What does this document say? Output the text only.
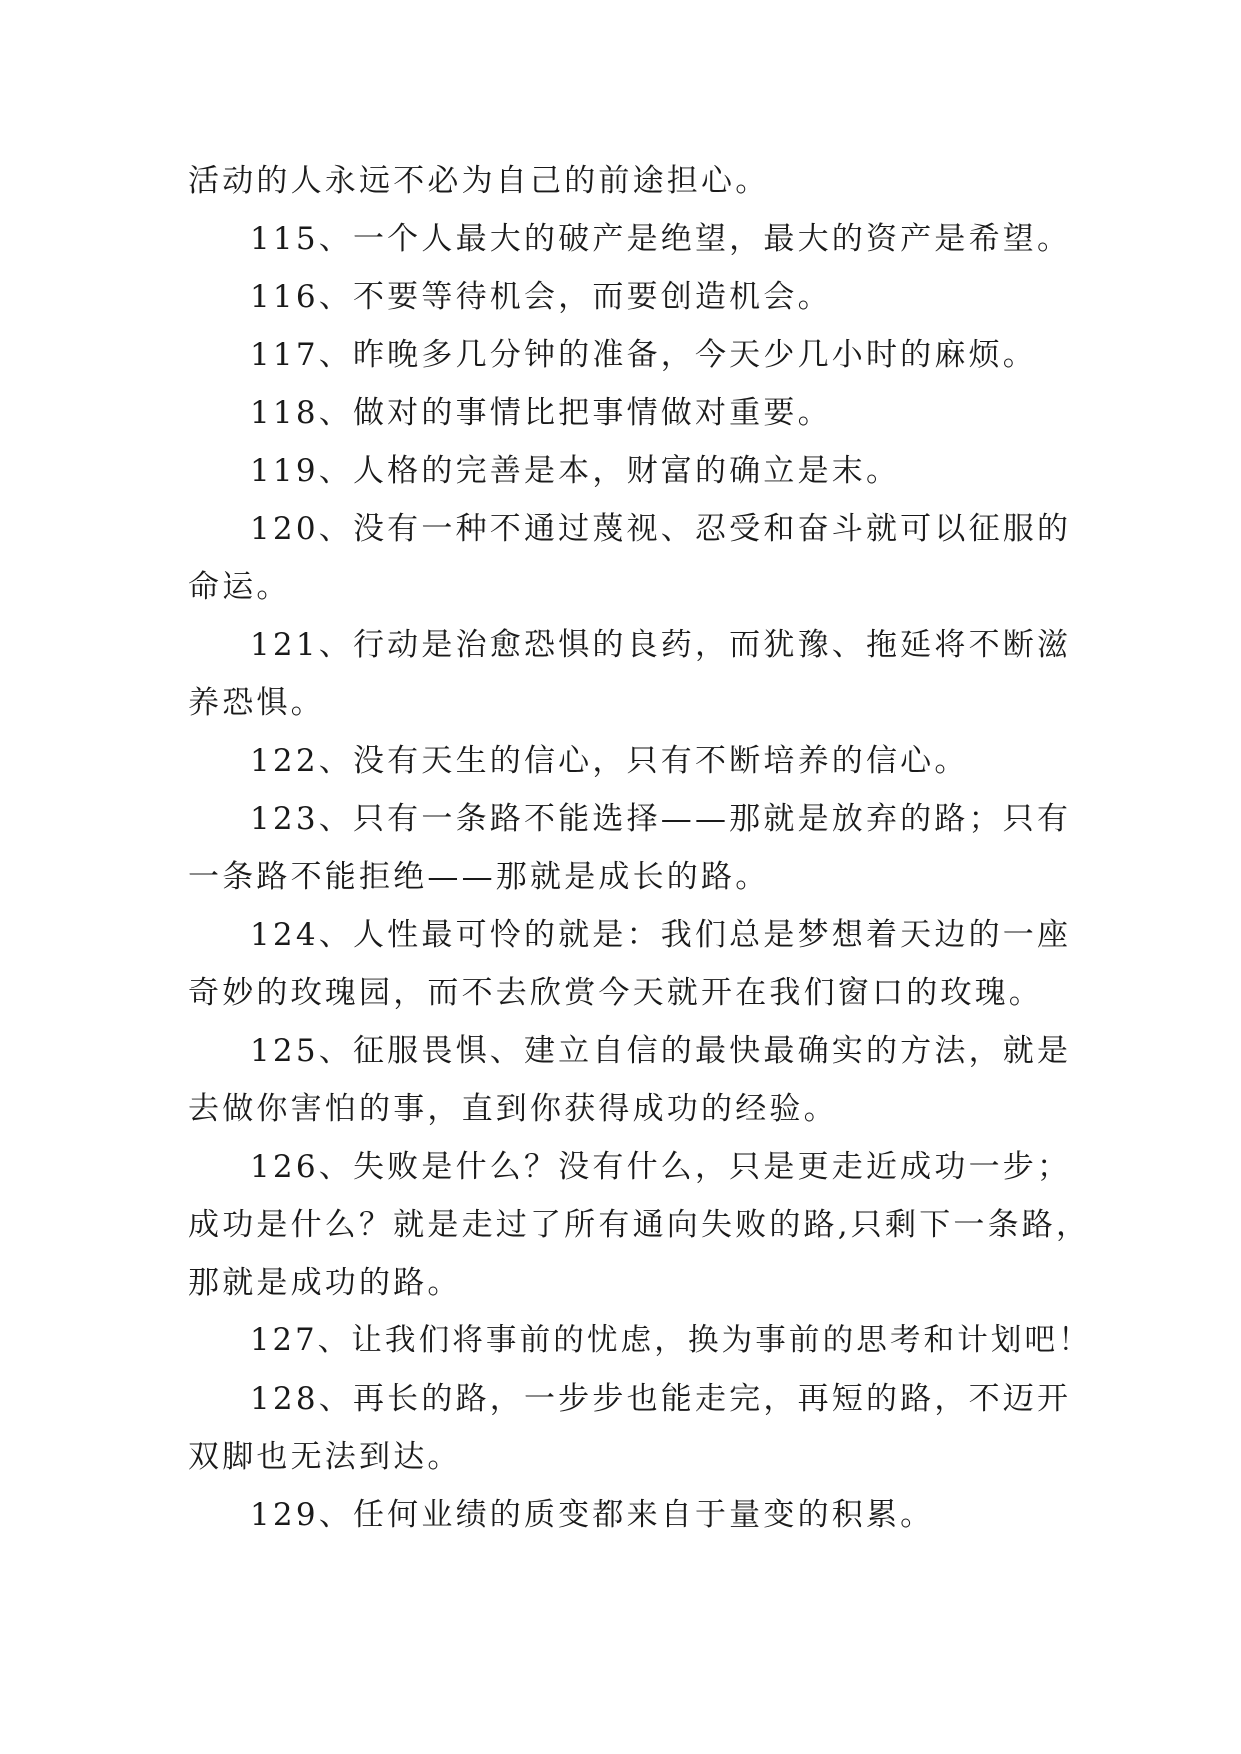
活动的人永远不必为自己的前途担心。
115、一个人最大的破产是绝望，最大的资产是希望。
116、不要等待机会，而要创造机会。
117、昨晚多几分钟的准备，今天少几小时的麻烦。
118、做对的事情比把事情做对重要。
119、人格的完善是本，财富的确立是末。
120、没有一种不通过蔑视、忍受和奋斗就可以征服的
命运。
121、行动是治愈恐惧的良药，而犹豫、拖延将不断滋
养恐惧。
122、没有天生的信心，只有不断培养的信心。
123、只有一条路不能选择——那就是放弃的路；只有
一条路不能拒绝——那就是成长的路。
124、人性最可怜的就是：我们总是梦想着天边的一座
奇妙的玫瑰园，而不去欣赏今天就开在我们窗口的玫瑰。
125、征服畏惧、建立自信的最快最确实的方法，就是
去做你害怕的事，直到你获得成功的经验。
126、失败是什么？没有什么，只是更走近成功一步；
成功是什么？就是走过了所有通向失败的路,只剩下一条路，
那就是成功的路。
127、让我们将事前的忧虑，换为事前的思考和计划吧！
128、再长的路，一步步也能走完，再短的路，不迈开
双脚也无法到达。
129、任何业绩的质变都来自于量变的积累。
